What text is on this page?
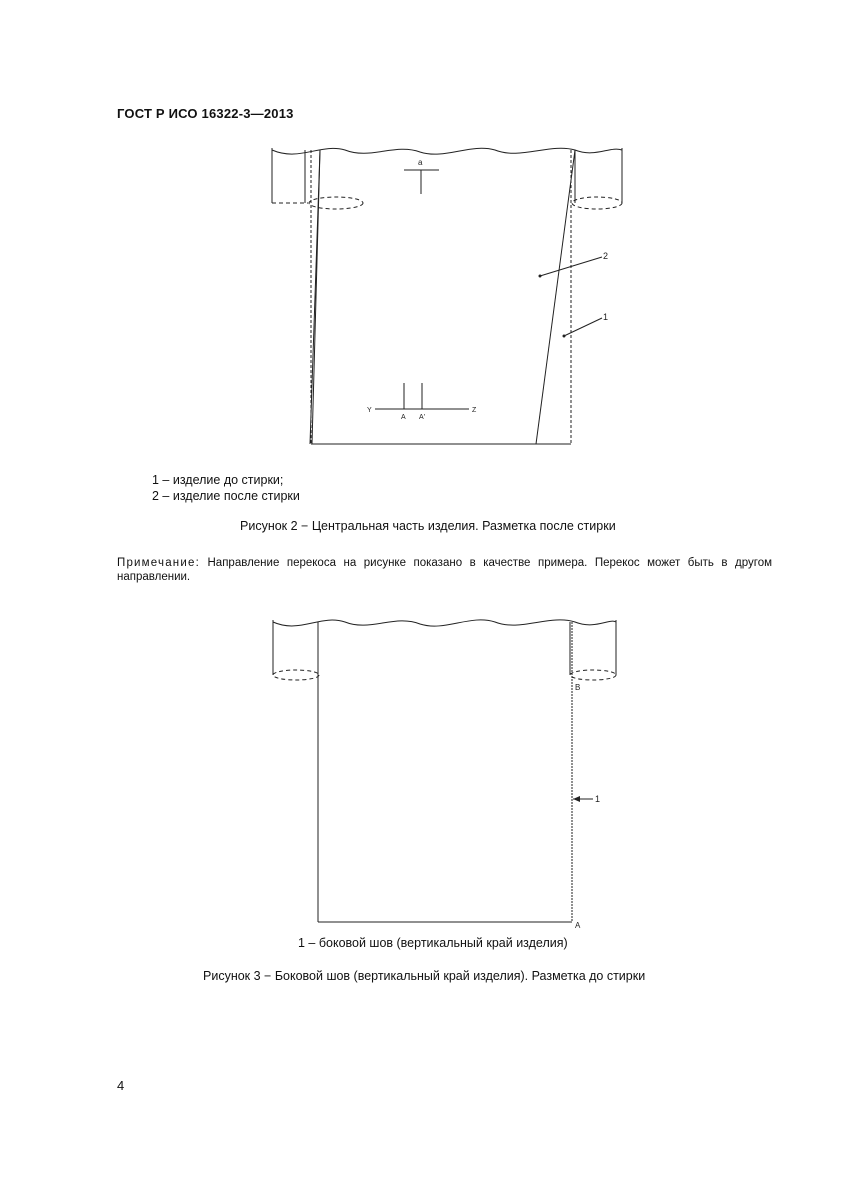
ГОСТ Р ИСО 16322-3—2013
a
Y	Z
A A'
2
1
1 – изделие до стирки;
2 – изделие после стирки
Рисунок 2 − Центральная часть изделия. Разметка после стирки
Примечание: Направление перекоса на рисунке показано в качестве примера. Перекос может быть в другом направлении.
B
A
1
1 – боковой шов (вертикальный край изделия)
Рисунок 3 − Боковой шов (вертикальный край изделия). Разметка до стирки
4
